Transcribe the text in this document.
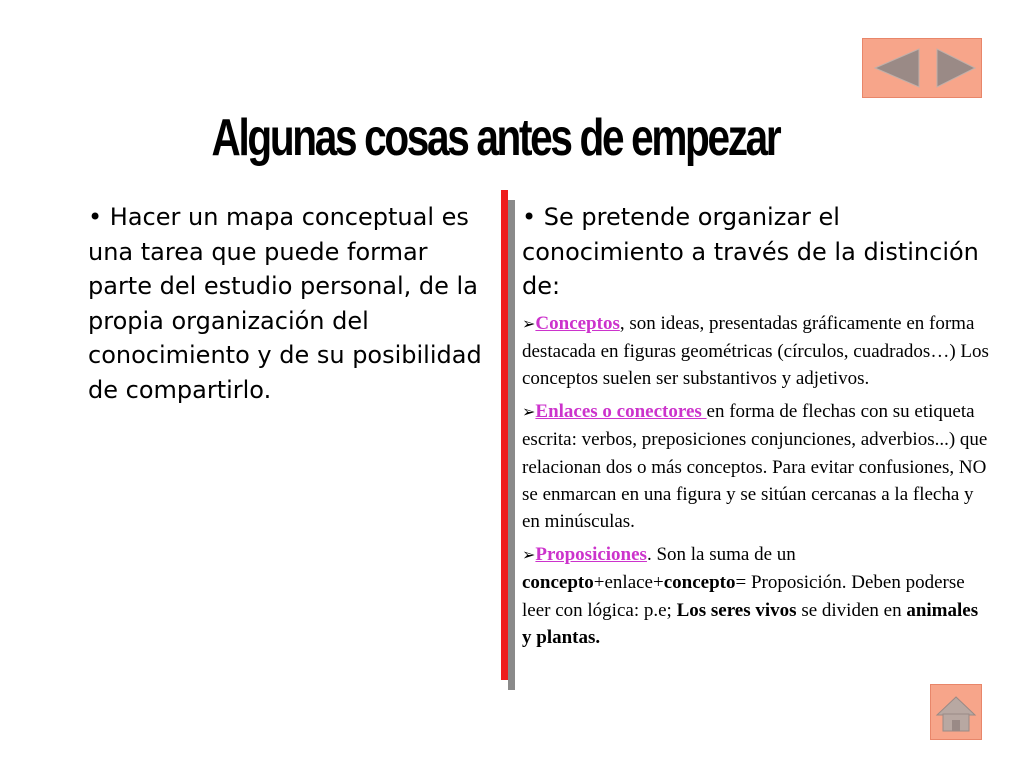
Algunas cosas antes de empezar
• Hacer un mapa conceptual es una tarea que puede formar parte del estudio personal, de la propia organización del conocimiento y de su posibilidad de compartirlo.
• Se pretende organizar el conocimiento a través de la distinción de:
➢Conceptos, son ideas, presentadas gráficamente en forma destacada en figuras geométricas (círculos, cuadrados…) Los conceptos suelen ser substantivos y adjetivos.
➢Enlaces o conectores en forma de flechas con su etiqueta escrita: verbos, preposiciones conjunciones, adverbios...) que relacionan dos o más conceptos. Para evitar confusiones, NO se enmarcan en una figura y se sitúan cercanas a la flecha y en minúsculas.
➢Proposiciones. Son la suma de un concepto+enlace+concepto= Proposición. Deben poderse leer con lógica: p.e; Los seres vivos se dividen en animales y plantas.
